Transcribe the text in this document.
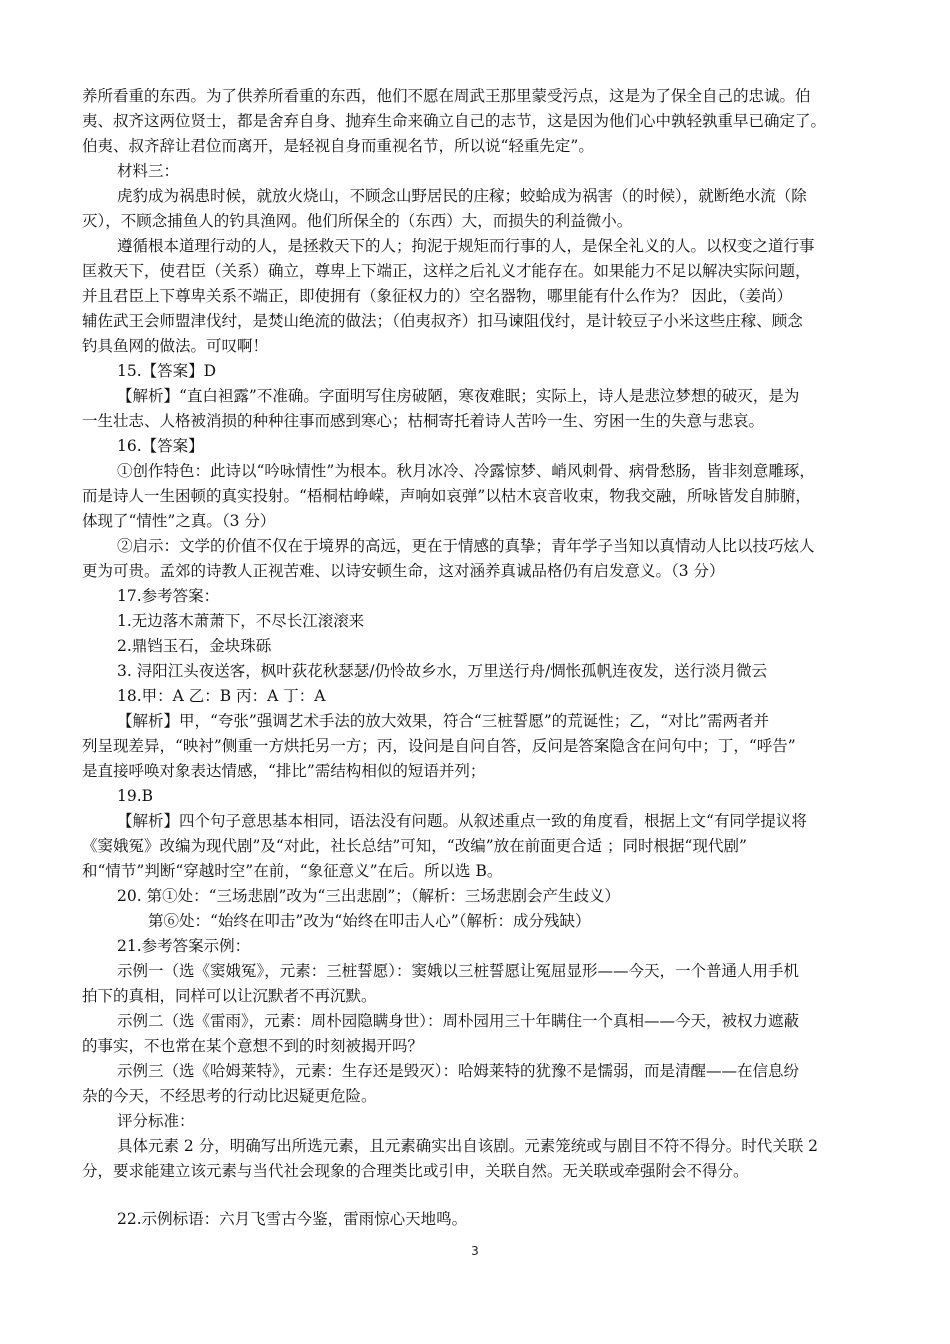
养所看重的东西。为了供养所看重的东西，他们不愿在周武王那里蒙受污点，这是为了保全自己的忠诚。伯
夷、叔齐这两位贤士，都是舍弃自身、抛弃生命来确立自己的志节，这是因为他们心中孰轻孰重早已确定了。
伯夷、叔齐辞让君位而离开，是轻视自身而重视名节，所以说“轻重先定”。
材料三：
虎豹成为祸患时候，就放火烧山，不顾念山野居民的庄稼；蛟蛤成为祸害（的时候），就断绝水流（除
灭），不顾念捕鱼人的钓具渔网。他们所保全的（东西）大，而损失的利益微小。
遵循根本道理行动的人，是拯救天下的人；拘泥于规矩而行事的人，是保全礼义的人。以权变之道行事
匡救天下，使君臣（关系）确立，尊卑上下端正，这样之后礼义才能存在。如果能力不足以解决实际问题，
并且君臣上下尊卑关系不端正，即使拥有（象征权力的）空名器物，哪里能有什么作为？ 因此，（姜尚）
辅佐武王会师盟津伐纣，是焚山绝流的做法；（伯夷叔齐）扣马谏阻伐纣，是计较豆子小米这些庄稼、顾念
钓具鱼网的做法。可叹啊！
15.【答案】D
【解析】“直白袒露”不准确。字面明写住房破陋，寒夜难眠；实际上，诗人是悲泣梦想的破灭，是为
一生壮志、人格被消损的种种往事而感到寒心；枯桐寄托着诗人苦吟一生、穷困一生的失意与悲哀。
16.【答案】
①创作特色：此诗以“吟咏情性”为根本。秋月冰冷、冷露惊梦、峭风刺骨、病骨愁肠，皆非刻意雕琢，
而是诗人一生困顿的真实投射。“梧桐枯峥嵘，声响如哀弹”以枯木哀音收束，物我交融，所咏皆发自肺腑，
体现了“情性”之真。（3 分）
②启示：文学的价值不仅在于境界的高远，更在于情感的真挚；青年学子当知以真情动人比以技巧炫人
更为可贵。孟郊的诗教人正视苦难、以诗安顿生命，这对涵养真诚品格仍有启发意义。（3 分）
17.参考答案：
1.无边落木萧萧下，不尽长江滚滚来
2.鼎铛玉石，金块珠砾
3. 浔阳江头夜送客，枫叶荻花秋瑟瑟/仍怜故乡水，万里送行舟/惆怅孤帆连夜发，送行淡月微云
18.甲：A 乙：B 丙：A 丁：A
【解析】甲，“夸张”强调艺术手法的放大效果，符合“三桩誓愿”的荒诞性；乙，“对比”需两者并
列呈现差异，“映衬”侧重一方烘托另一方；丙，设问是自问自答，反问是答案隐含在问句中；丁，“呼告”
是直接呼唤对象表达情感，“排比”需结构相似的短语并列；
19.B
【解析】四个句子意思基本相同，语法没有问题。从叙述重点一致的角度看，根据上文“有同学提议将
《窦娥冤》改编为现代剧”及“对此，社长总结”可知，“改编”放在前面更合适 ；同时根据“现代剧”
和“情节”判断“穿越时空”在前，“象征意义”在后。所以选 B。
20. 第①处：“三场悲剧”改为“三出悲剧”；（解析：三场悲剧会产生歧义）
第⑥处：“始终在叩击”改为“始终在叩击人心”（解析：成分残缺）
21.参考答案示例：
示例一（选《窦娥冤》，元素：三桩誓愿）：窦娥以三桩誓愿让冤屈显形——今天，一个普通人用手机
拍下的真相，同样可以让沉默者不再沉默。
示例二（选《雷雨》，元素：周朴园隐瞒身世）：周朴园用三十年瞒住一个真相——今天，被权力遮蔽
的事实，不也常在某个意想不到的时刻被揭开吗？
示例三（选《哈姆莱特》，元素：生存还是毁灭）：哈姆莱特的犹豫不是懦弱，而是清醒——在信息纷
杂的今天，不经思考的行动比迟疑更危险。
评分标准：
具体元素 2 分，明确写出所选元素，且元素确实出自该剧。元素笼统或与剧目不符不得分。时代关联 2
分，要求能建立该元素与当代社会现象的合理类比或引申，关联自然。无关联或牵强附会不得分。
22.示例标语：六月飞雪古今鉴，雷雨惊心天地鸣。
3
